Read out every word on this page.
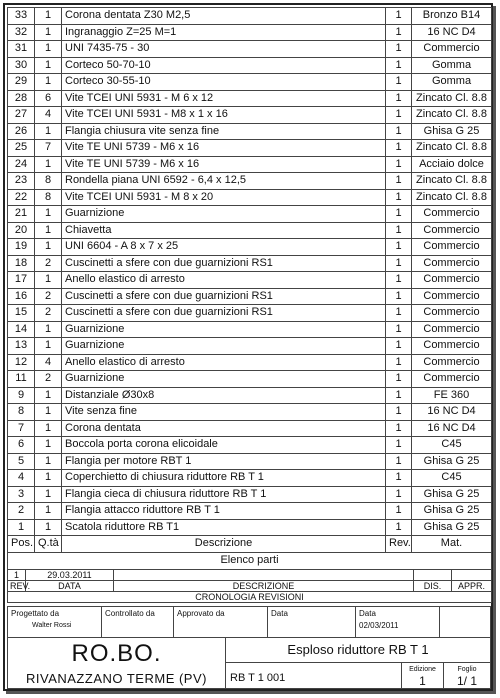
33	1	Corona dentata Z30 M2,5	1	Bronzo B14
32	1	Ingranaggio Z=25 M=1	1	16 NC D4
31	1	UNI 7435-75 - 30	1	Commercio
30	1	Corteco 50-70-10	1	Gomma
29	1	Corteco 30-55-10	1	Gomma
28	6	Vite TCEI UNI 5931 - M 6 x 12	1	Zincato Cl. 8.8
27	4	Vite TCEI UNI 5931 - M8 x 1 x 16	1	Zincato Cl. 8.8
26	1	Flangia chiusura vite senza fine	1	Ghisa G 25
25	7	Vite TE UNI 5739 - M6 x 16	1	Zincato Cl. 8.8
24	1	Vite TE UNI 5739 - M6 x 16	1	Acciaio dolce
23	8	Rondella piana UNI 6592 - 6,4 x 12,5	1	Zincato Cl. 8.8
22	8	Vite TCEI UNI 5931 - M 8 x 20	1	Zincato Cl. 8.8
21	1	Guarnizione	1	Commercio
20	1	Chiavetta	1	Commercio
19	1	UNI 6604 - A 8 x 7 x 25	1	Commercio
18	2	Cuscinetti a sfere con due guarnizioni RS1	1	Commercio
17	1	Anello elastico di arresto	1	Commercio
16	2	Cuscinetti a sfere con due guarnizioni RS1	1	Commercio
15	2	Cuscinetti a sfere con due guarnizioni RS1	1	Commercio
14	1	Guarnizione	1	Commercio
13	1	Guarnizione	1	Commercio
12	4	Anello elastico di arresto	1	Commercio
11	2	Guarnizione	1	Commercio
9	1	Distanziale Ø30x8	1	FE 360
8	1	Vite senza fine	1	16 NC D4
7	1	Corona dentata	1	16 NC D4
6	1	Boccola porta corona elicoidale	1	C45
5	1	Flangia per motore RBT 1	1	Ghisa G 25
4	1	Coperchietto di chiusura riduttore RB T 1	1	C45
3	1	Flangia cieca di chiusura riduttore RB T 1	1	Ghisa G 25
2	1	Flangia attacco riduttore RB T 1	1	Ghisa G 25
1	1	Scatola riduttore RB T1	1	Ghisa G 25
Pos.	Q.tà	Descrizione	Rev.	Mat.
Elenco parti				
1	29.03.2011			
REV.	DATA	DESCRIZIONE	DIS.	APPR.
CRONOLOGIA REVISIONI				
Progettato da
Walter Rossi
Controllato da	Approvato da	Data	Data
02/03/2011
RO.BO.
RIVANAZZANO TERME (PV)
Esploso riduttore RB T 1
RB T 1 001
Edizione
1
Foglio
1/ 1
